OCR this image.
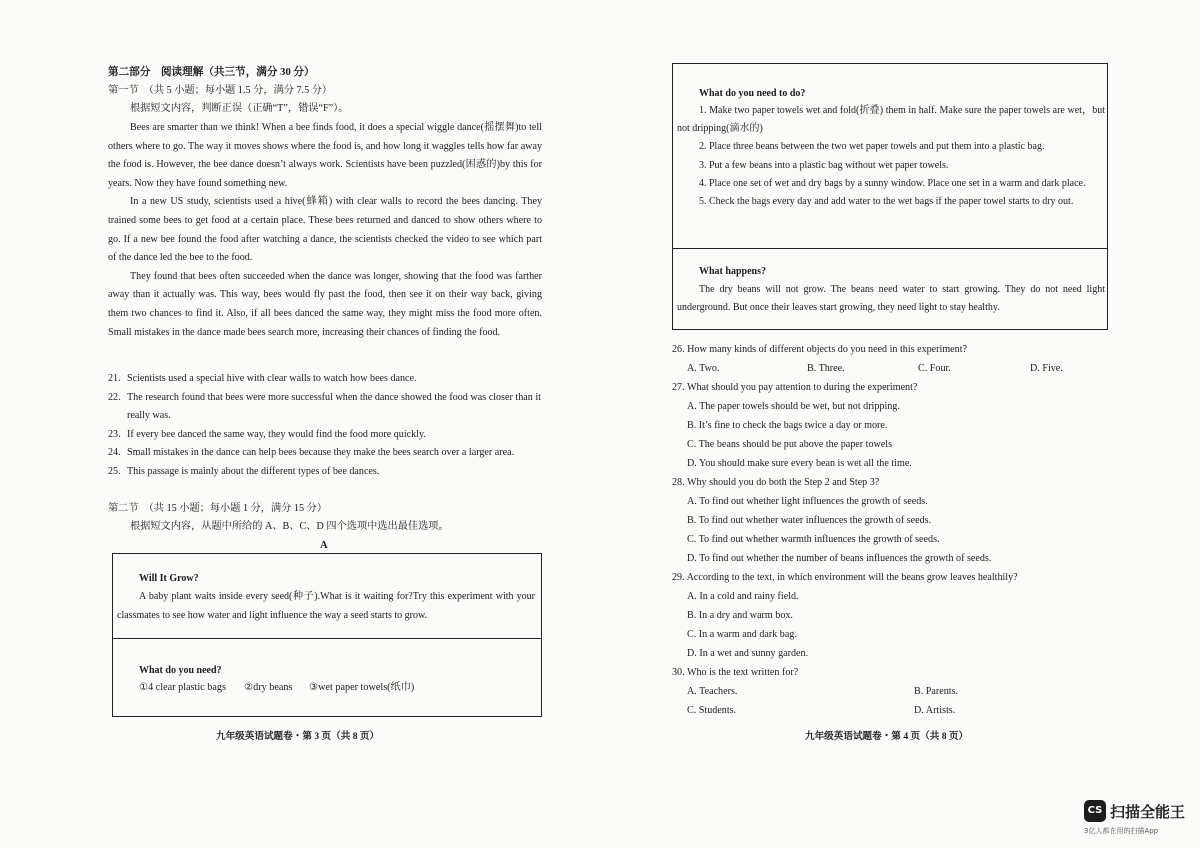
第二部分　阅读理解（共三节，满分 30 分）
第一节　（共 5 小题；每小题 1.5 分，满分 7.5 分）
根据短文内容，判断正误（正确“T”，错误“F”）。

Bees are smarter than we think! When a bee finds food, it does a special wiggle dance(摇摆舞)to tell others where to go. The way it moves shows where the food is, and how long it waggles tells how far away the food is. However, the bee dance doesn’t always work. Scientists have been puzzled(困惑的)by this for years. Now they have found something new.

In a new US study, scientists used a hive(蜂箱) with clear walls to record the bees dancing. They trained some bees to get food at a certain place. These bees returned and danced to show others where to go. If a new bee found the food after watching a dance, the scientists checked the video to see which part of the dance led the bee to the food.

They found that bees often succeeded when the dance was longer, showing that the food was farther away than it actually was. This way, bees would fly past the food, then see it on their way back, giving them two chances to find it. Also, if all bees danced the same way, they might miss the food more often. Small mistakes in the dance made bees search more, increasing their chances of finding the food.

21. Scientists used a special hive with clear walls to watch how bees dance.
22. The research found that bees were more successful when the dance showed the food was closer than it really was.
23. If every bee danced the same way, they would find the food more quickly.
24. Small mistakes in the dance can help bees because they make the bees search over a larger area.
25. This passage is mainly about the different types of bee dances.
第二节　（共 15 小题；每小题 1 分，满分 15 分）
根据短文内容，从题中所给的 A、B、C、D 四个选项中选出最佳选项。
A
Will It Grow?
A baby plant waits inside every seed(种子).What is it waiting for?Try this experiment with your classmates to see how water and light influence the way a seed starts to grow.
What do you need?
①4 clear plastic bags ②dry beans ③wet paper towels(纸巾)
九年级英语试题卷・第 3 页（共 8 页）
What do you need to do?

1. Make two paper towels wet and fold(折叠) them in half. Make sure the paper towels are wet，but not dripping(滴水的)

2. Place three beans between the two wet paper towels and put them into a plastic bag.

3. Put a few beans into a plastic bag without wet paper towels.

4. Place one set of wet and dry bags by a sunny window. Place one set in a warm and dark place.

5. Check the bags every day and add water to the wet bags if the paper towel starts to dry out.

What happens?
The dry beans will not grow. The beans need water to start growing. They do not need light underground. But once their leaves start growing, they need light to stay healthy.
26. How many kinds of different objects do you need in this experiment?
A. Two.	B. Three.	C. Four.	D. Five.
27. What should you pay attention to during the experiment?
A. The paper towels should be wet, but not dripping.
B. It’s fine to check the bags twice a day or more.
C. The beans should be put above the paper towels
D. You should make sure every bean is wet all the time.
28. Why should you do both the Step 2 and Step 3?
A. To find out whether light influences the growth of seeds.
B. To find out whether water influences the growth of seeds.
C. To find out whether warmth influences the growth of seeds.
D. To find out whether the number of beans influences the growth of seeds.
29. According to the text, in which environment will the beans grow leaves healthily?
A. In a cold and rainy field.
B. In a dry and warm box.
C. In a warm and dark bag.
D. In a wet and sunny garden.
30. Who is the text written for?
A. Teachers.	B. Parents.
C. Students.	D. Artists.
九年级英语试题卷・第 4 页（共 8 页）
CS 扫描全能王
3亿人都在用的扫描App
